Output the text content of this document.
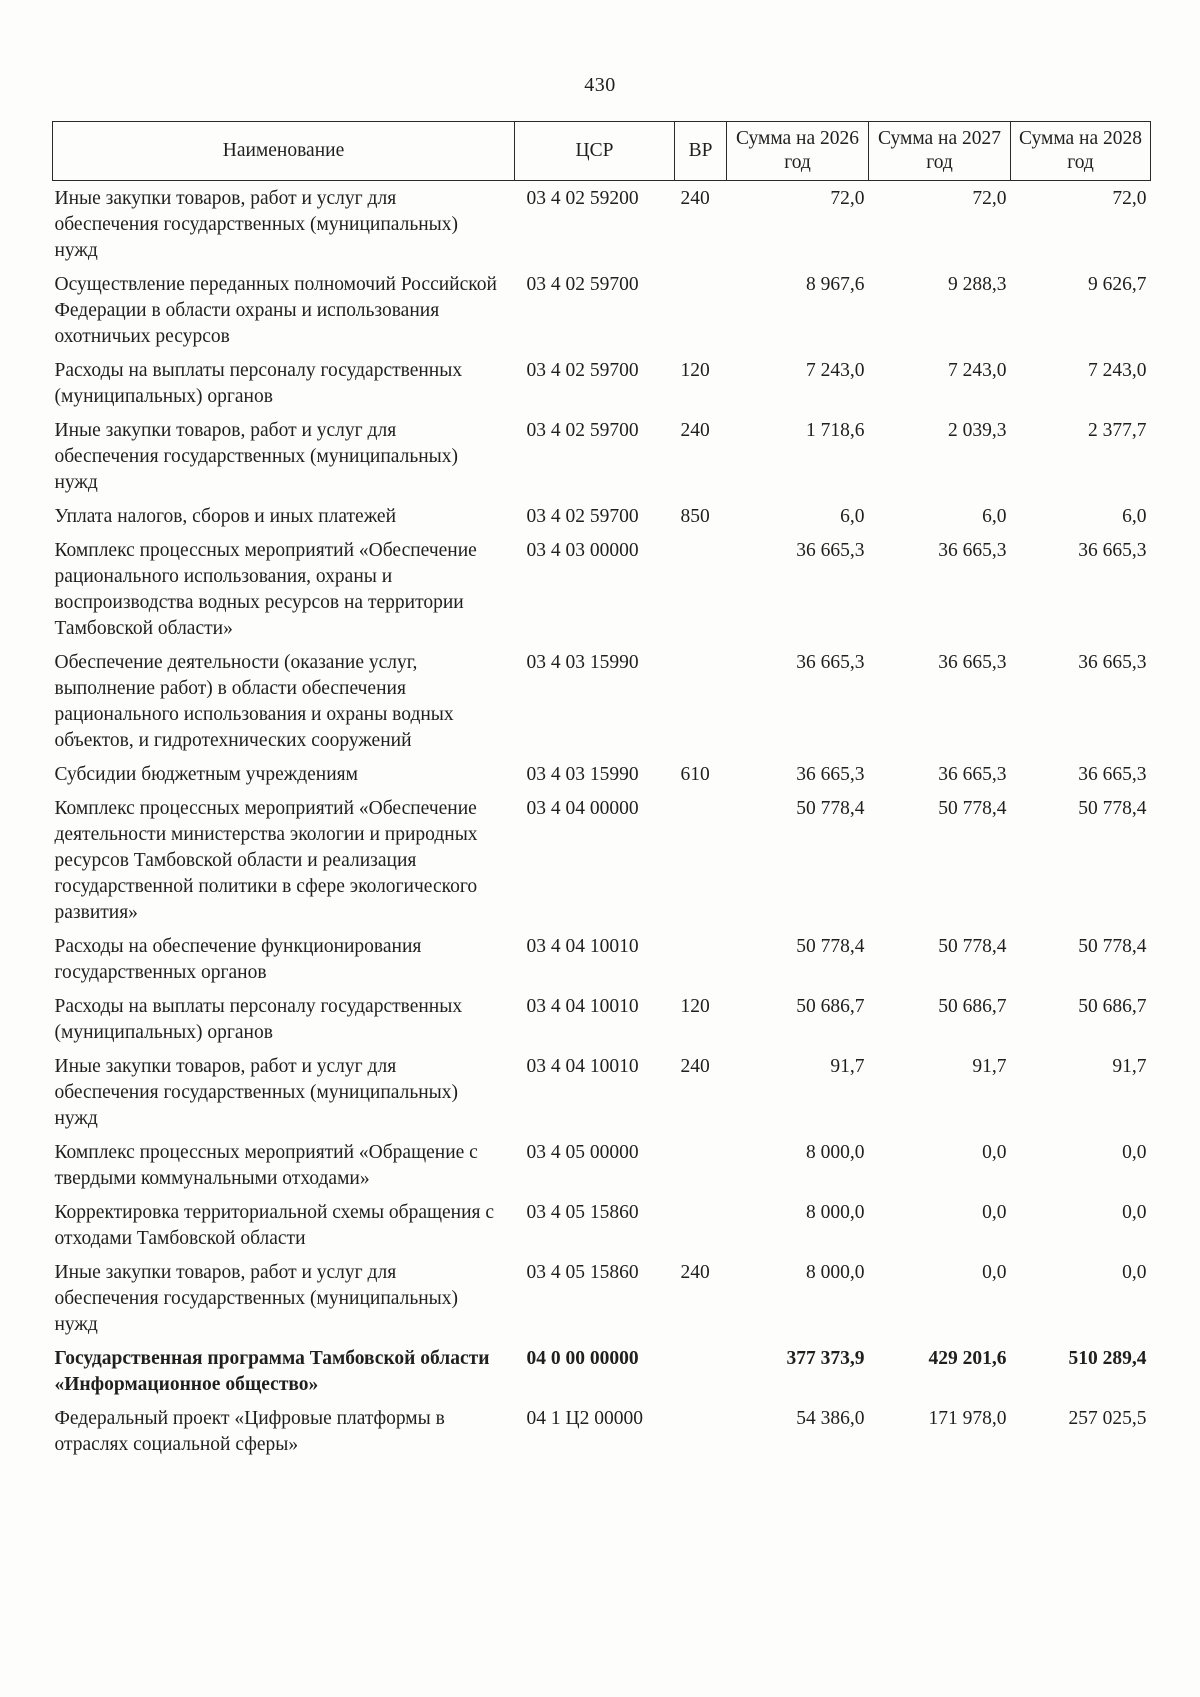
430
Наименование	ЦСР	ВР	Сумма на 2026 год	Сумма на 2027 год	Сумма на 2028 год
Иные закупки товаров, работ и услуг для обеспечения государственных (муниципальных) нужд	03 4 02 59200	240	72,0	72,0	72,0
Осуществление переданных полномочий Российской Федерации в области охраны и использования охотничьих ресурсов	03 4 02 59700		8 967,6	9 288,3	9 626,7
Расходы на выплаты персоналу государственных (муниципальных) органов	03 4 02 59700	120	7 243,0	7 243,0	7 243,0
Иные закупки товаров, работ и услуг для обеспечения государственных (муниципальных) нужд	03 4 02 59700	240	1 718,6	2 039,3	2 377,7
Уплата налогов, сборов и иных платежей	03 4 02 59700	850	6,0	6,0	6,0
Комплекс процессных мероприятий «Обеспечение рационального использования, охраны и воспроизводства водных ресурсов на территории Тамбовской области»	03 4 03 00000		36 665,3	36 665,3	36 665,3
Обеспечение деятельности (оказание услуг, выполнение работ) в области обеспечения рационального использования и охраны водных объектов, и гидротехнических сооружений	03 4 03 15990		36 665,3	36 665,3	36 665,3
Субсидии бюджетным учреждениям	03 4 03 15990	610	36 665,3	36 665,3	36 665,3
Комплекс процессных мероприятий «Обеспечение деятельности министерства экологии и природных ресурсов Тамбовской области и реализация государственной политики в сфере экологического развития»	03 4 04 00000		50 778,4	50 778,4	50 778,4
Расходы на обеспечение функционирования государственных органов	03 4 04 10010		50 778,4	50 778,4	50 778,4
Расходы на выплаты персоналу государственных (муниципальных) органов	03 4 04 10010	120	50 686,7	50 686,7	50 686,7
Иные закупки товаров, работ и услуг для обеспечения государственных (муниципальных) нужд	03 4 04 10010	240	91,7	91,7	91,7
Комплекс процессных мероприятий «Обращение с твердыми коммунальными отходами»	03 4 05 00000		8 000,0	0,0	0,0
Корректировка территориальной схемы обращения с отходами Тамбовской области	03 4 05 15860		8 000,0	0,0	0,0
Иные закупки товаров, работ и услуг для обеспечения государственных (муниципальных) нужд	03 4 05 15860	240	8 000,0	0,0	0,0
Государственная программа Тамбовской области «Информационное общество»	04 0 00 00000		377 373,9	429 201,6	510 289,4
Федеральный проект «Цифровые платформы в отраслях социальной сферы»	04 1 Ц2 00000		54 386,0	171 978,0	257 025,5
